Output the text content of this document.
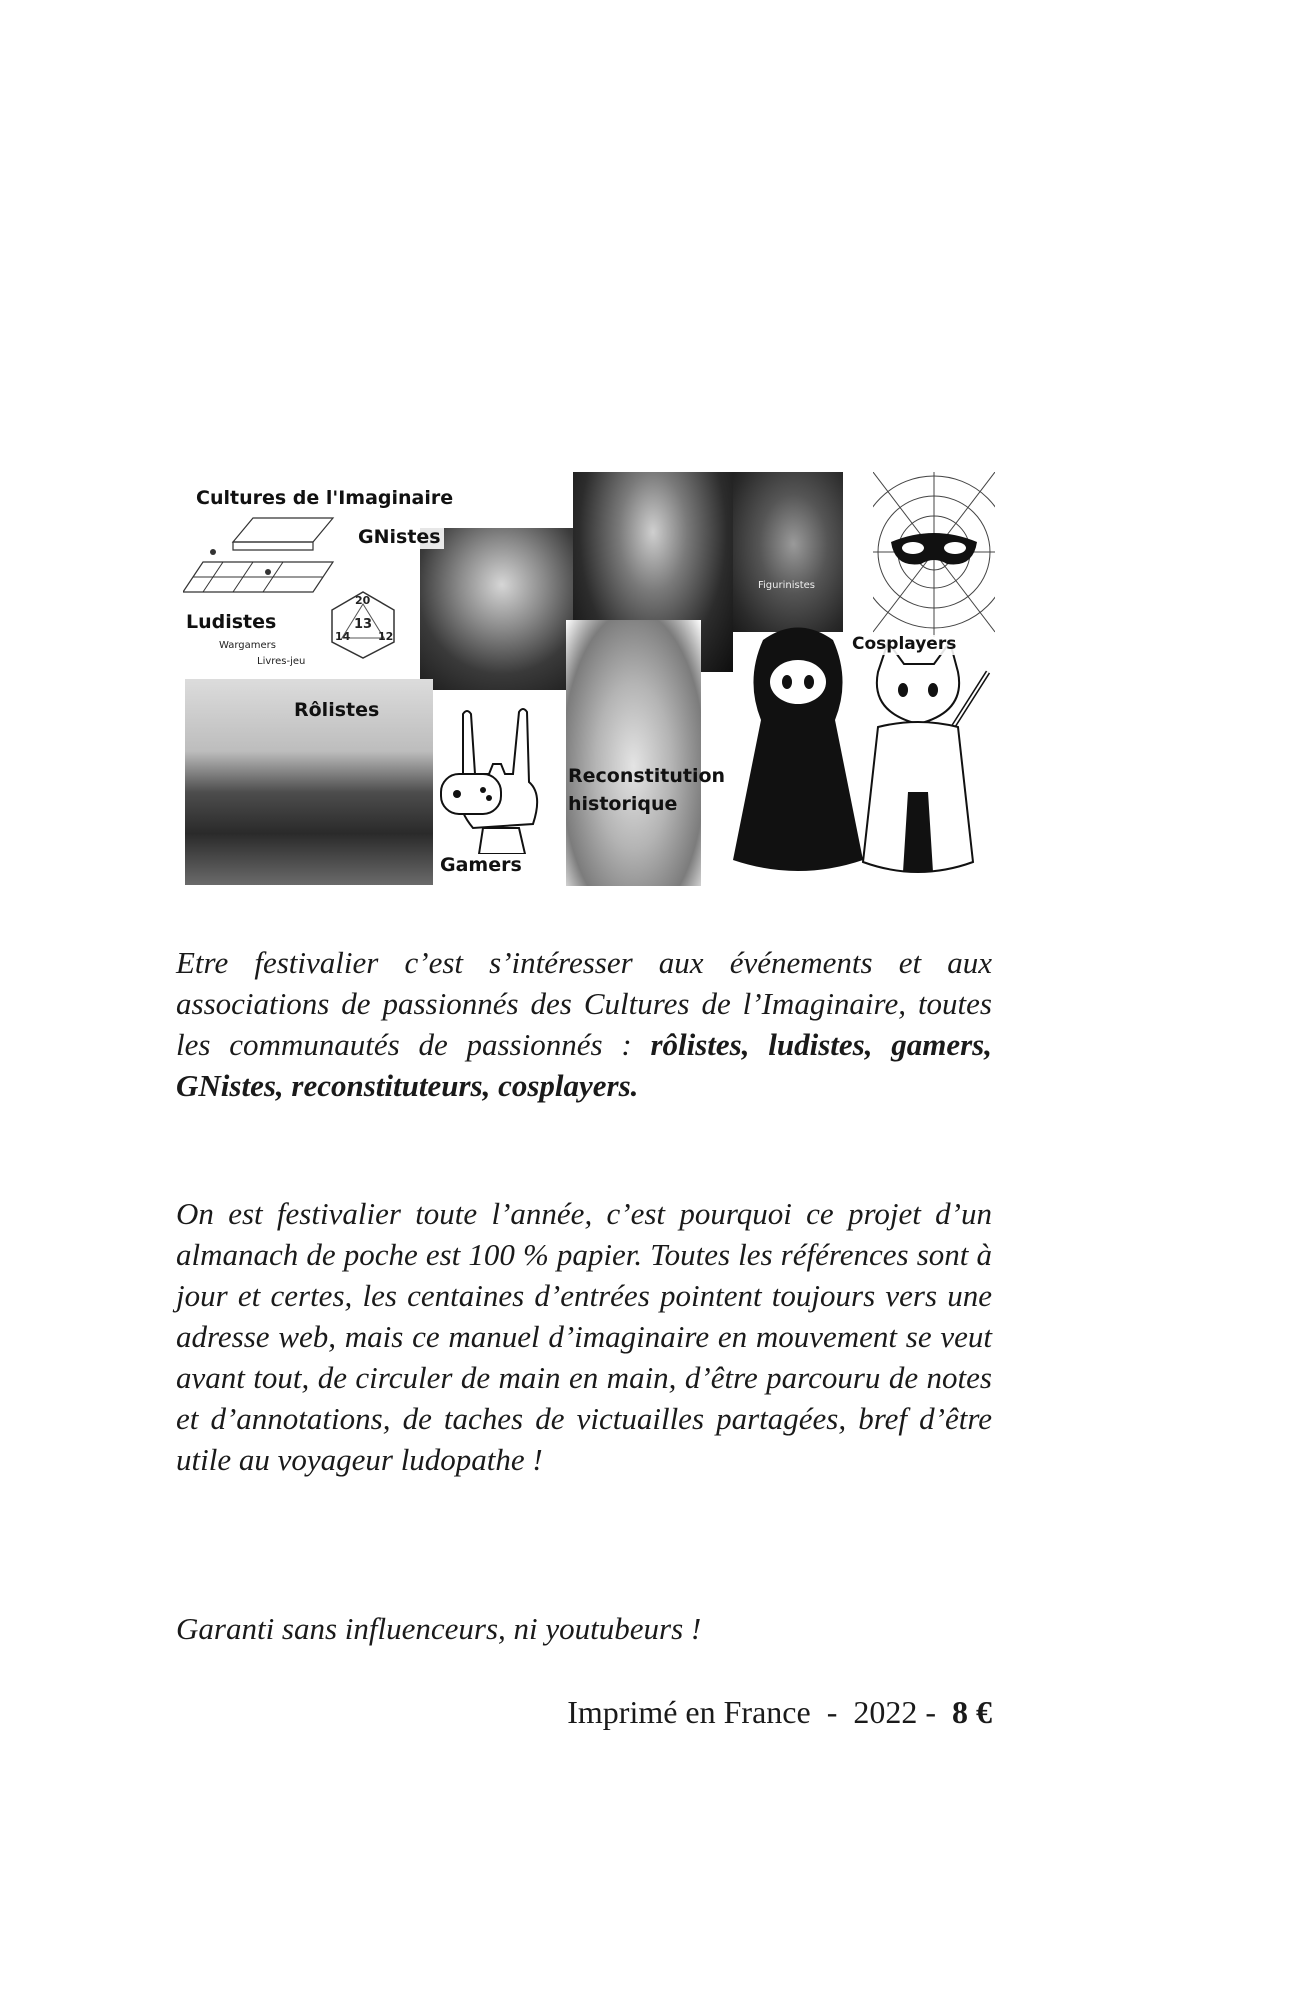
20
13
14	12
Cultures de l'Imaginaire
GNistes
Ludistes
Wargamers
Livres-jeu
Figurinistes
Cosplayers
Rôlistes
Reconstitution
historique
Gamers

Etre festivalier c’est s’intéresser aux événements et aux associations de passionnés des Cultures de l’Imaginaire, toutes les communautés de passionnés : rôlistes, ludistes, gamers, GNistes, reconstituteurs, cosplayers.

On est festivalier toute l’année, c’est pourquoi ce projet d’un almanach de poche est 100 % papier. Toutes les références sont à jour et certes, les centaines d’entrées pointent toujours vers une adresse web, mais ce manuel d’imaginaire en mouvement se veut avant tout, de circuler de main en main, d’être parcouru de notes et d’annotations, de taches de victuailles partagées, bref d’être utile au voyageur ludopathe !

Garanti sans influenceurs, ni youtubeurs !

Imprimé en France  -  2022 -  8 €
